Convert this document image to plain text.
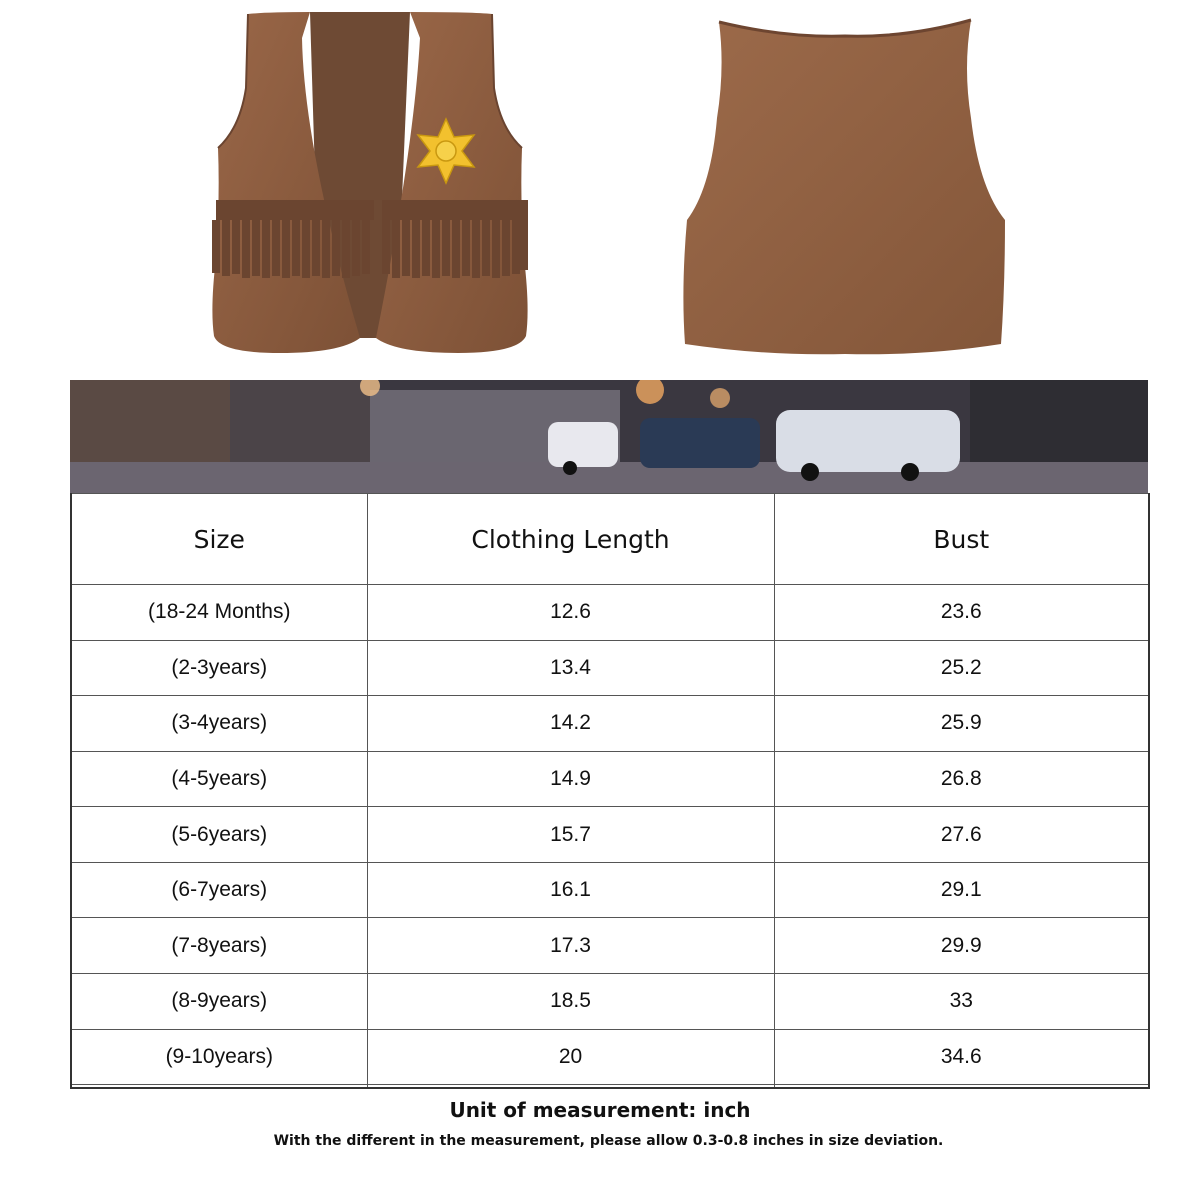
Size	Clothing Length	Bust
(18-24 Months)	12.6	23.6
(2-3years)	13.4	25.2
(3-4years)	14.2	25.9
(4-5years)	14.9	26.8
(5-6years)	15.7	27.6
(6-7years)	16.1	29.1
(7-8years)	17.3	29.9
(8-9years)	18.5	33
(9-10years)	20	34.6

Unit of measurement: inch
With the different in the measurement, please allow 0.3-0.8 inches in size deviation.
